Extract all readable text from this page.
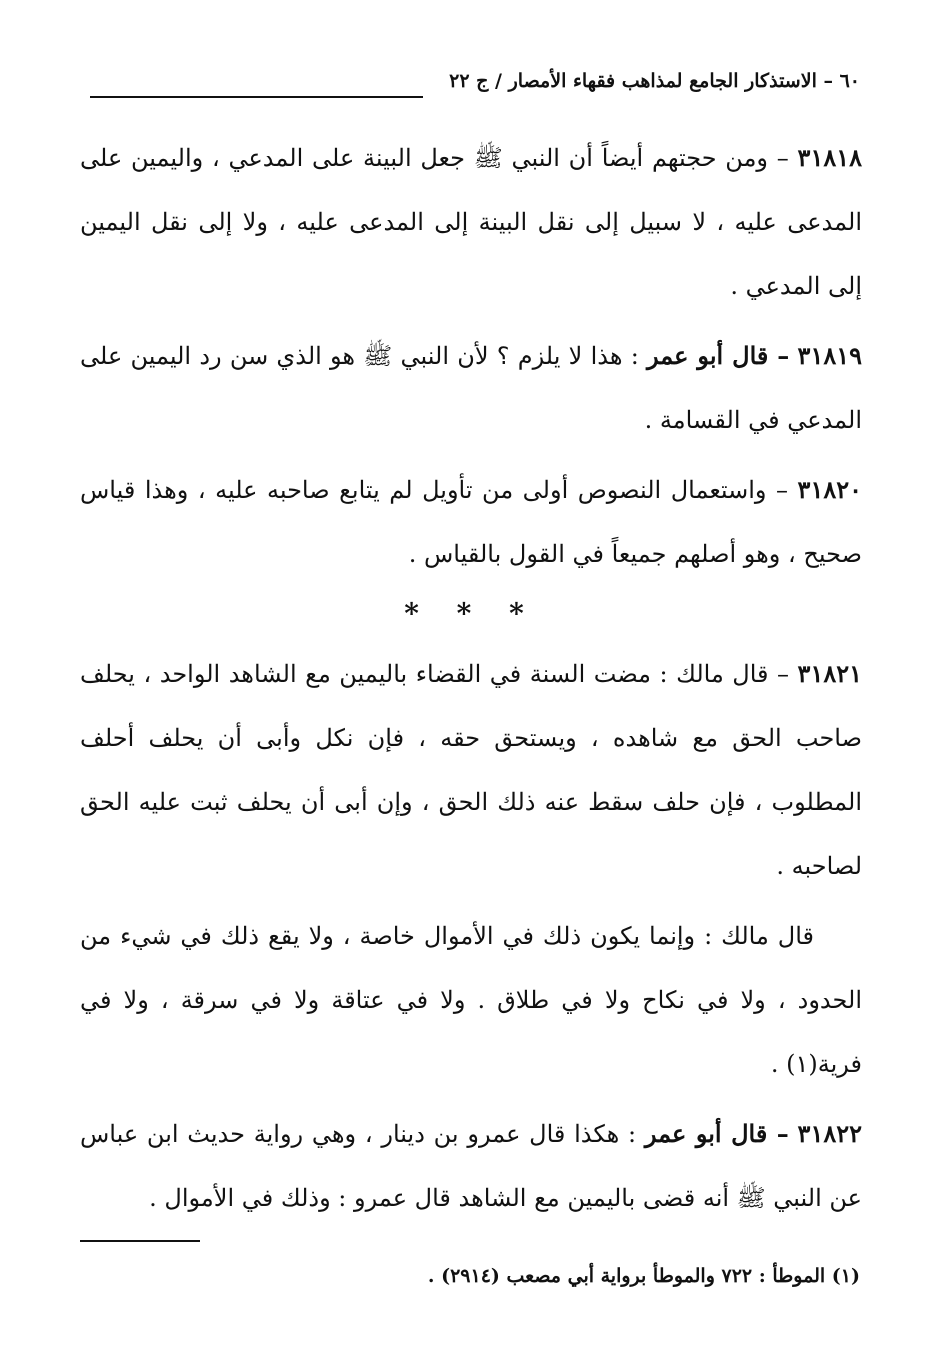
٦٠ – الاستذكار الجامع لمذاهب فقهاء الأمصار / ج ٢٢

٣١٨١٨ – ومن حجتهم أيضاً أن النبي ﷺ جعل البينة على المدعي ، واليمين على المدعى عليه ، لا سبيل إلى نقل البينة إلى المدعى عليه ، ولا إلى نقل اليمين إلى المدعي .

٣١٨١٩ – قال أبو عمر : هذا لا يلزم ؟ لأن النبي ﷺ هو الذي سن رد اليمين على المدعي في القسامة .

٣١٨٢٠ – واستعمال النصوص أولى من تأويل لم يتابع صاحبه عليه ، وهذا قياس صحيح ، وهو أصلهم جميعاً في القول بالقياس .

* * *

٣١٨٢١ – قال مالك : مضت السنة في القضاء باليمين مع الشاهد الواحد ، يحلف صاحب الحق مع شاهده ، ويستحق حقه ، فإن نكل وأبى أن يحلف أحلف المطلوب ، فإن حلف سقط عنه ذلك الحق ، وإن أبى أن يحلف ثبت عليه الحق لصاحبه .

قال مالك : وإنما يكون ذلك في الأموال خاصة ، ولا يقع ذلك في شيء من الحدود ، ولا في نكاح ولا في طلاق . ولا في عتاقة ولا في سرقة ، ولا في فرية(١) .

٣١٨٢٢ – قال أبو عمر : هكذا قال عمرو بن دينار ، وهي رواية حديث ابن عباس عن النبي ﷺ أنه قضى باليمين مع الشاهد قال عمرو : وذلك في الأموال .

(١) الموطأ : ٧٢٢ والموطأ برواية أبي مصعب (٢٩١٤) .
